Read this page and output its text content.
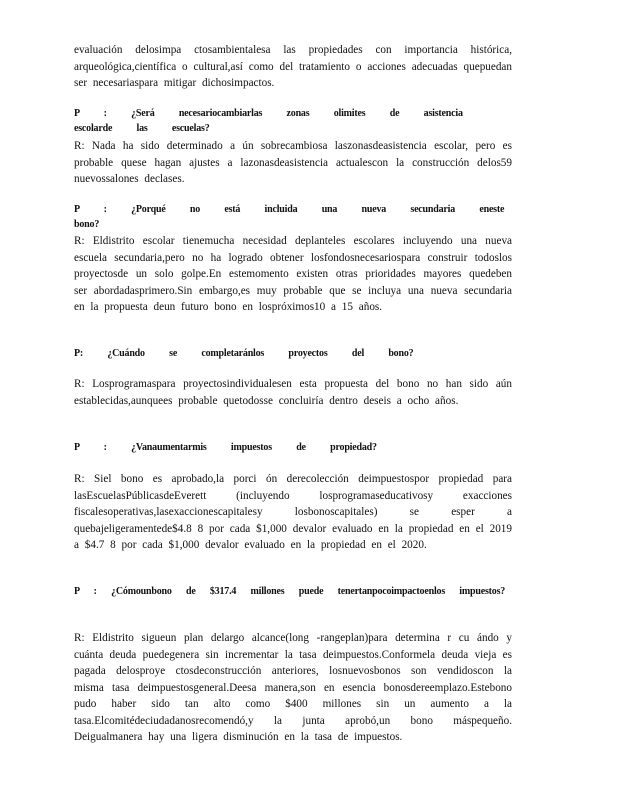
evaluación delosimpa ctosambientalesa las propiedades con importancia histórica, arqueológica,científica o cultural,así como del tratamiento o acciones adecuadas quepuedan ser necesariaspara mitigar dichosimpactos.

P : ¿Será necesariocambiarlas zonas olimites de asistencia escolarde las escuelas?

R: Nada ha sido determinado a ún sobrecambiosa laszonasdeasistencia escolar, pero es probable quese hagan ajustes a lazonasdeasistencia actualescon la construcción delos59 nuevossalones declases.

P : ¿Porqué no está incluida una nueva secundaria eneste bono?

R: Eldistrito escolar tienemucha necesidad deplanteles escolares incluyendo una nueva escuela secundaria,pero no ha logrado obtener losfondosnecesariospara construir todoslos proyectosde un solo golpe.En estemomento existen otras prioridades mayores quedeben ser abordadasprimero.Sin embargo,es muy probable que se incluya una nueva secundaria en la propuesta deun futuro bono en lospróximos10 a 15 años.

P: ¿Cuándo se completaránlos proyectos del bono?

R: Losprogramaspara proyectosindividualesen esta propuesta del bono no han sido aún establecidas,aunquees probable quetodosse concluiría dentro deseis a ocho años.

P : ¿Vanaumentarmis impuestos de propiedad?

R: Siel bono es aprobado,la porci ón derecolección deimpuestospor propiedad para lasEscuelasPúblicasdeEverett (incluyendo losprogramaseducativosy exacciones fiscalesoperativas,lasexaccionescapitalesy losbonoscapitales) se esper a quebajeligeramentede$4.8 8 por cada $1,000 devalor evaluado en la propiedad en el 2019 a $4.7 8 por cada $1,000 devalor evaluado en la propiedad en el 2020.

P : ¿Cómounbono de $317.4 millones puede tenertanpocoimpactoenlos impuestos?

R: Eldistrito sigueun plan delargo alcance(long -rangeplan)para determina r cu ándo y cuánta deuda puedegenera sin incrementar la tasa deimpuestos.Conformela deuda vieja es pagada delosproye ctosdeconstrucción anteriores, losnuevosbonos son vendidoscon la misma tasa deimpuestosgeneral.Deesa manera,son en esencia bonosdereemplazo.Estebono pudo haber sido tan alto como $400 millones sin un aumento a la tasa.Elcomitédeciudadanosrecomendó,y la junta aprobó,un bono máspequeño. Deigualmanera hay una ligera disminución en la tasa de impuestos.
